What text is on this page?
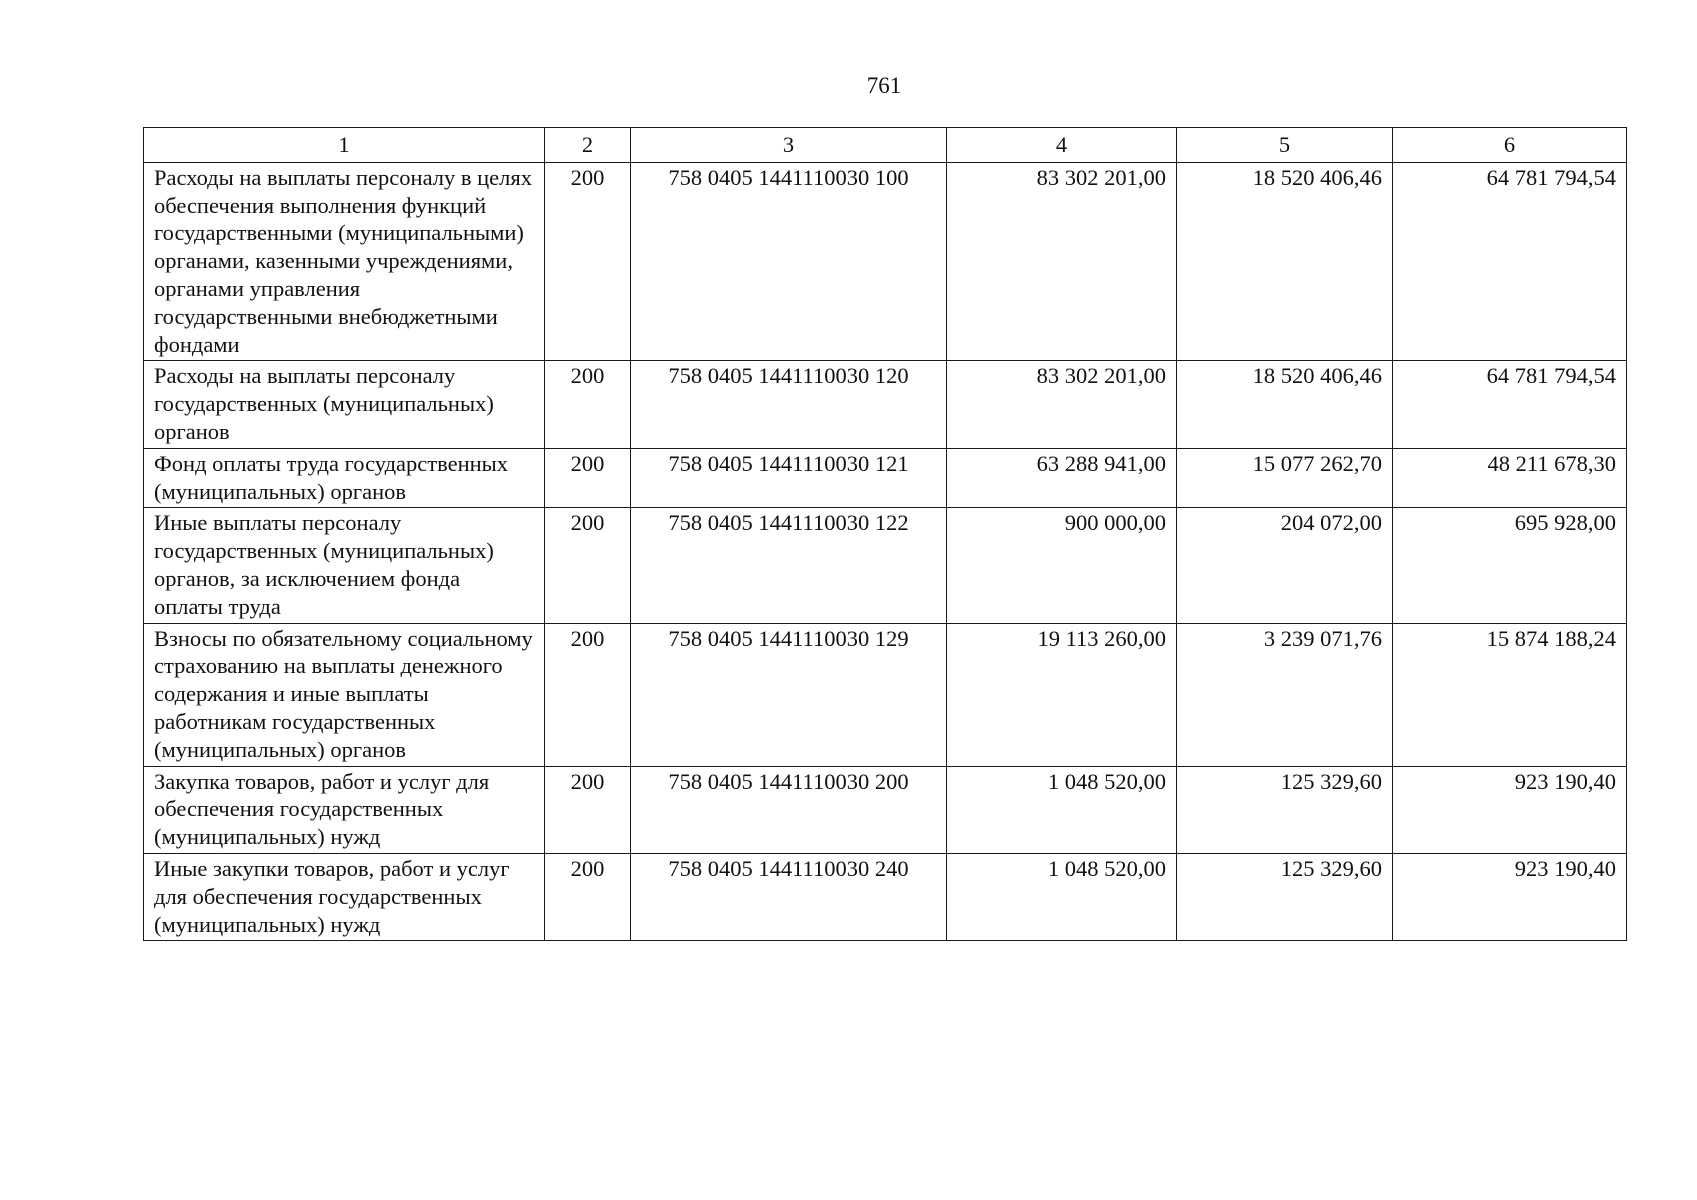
761
1	2	3	4	5	6
Расходы на выплаты персоналу в целях обеспечения выполнения функций государственными (муниципальными) органами, казенными учреждениями, органами управления государственными внебюджетными фондами	200	758 0405 1441110030 100	83 302 201,00	18 520 406,46	64 781 794,54
Расходы на выплаты персоналу государственных (муниципальных) органов	200	758 0405 1441110030 120	83 302 201,00	18 520 406,46	64 781 794,54
Фонд оплаты труда государственных (муниципальных) органов	200	758 0405 1441110030 121	63 288 941,00	15 077 262,70	48 211 678,30
Иные выплаты персоналу государственных (муниципальных) органов, за исключением фонда оплаты труда	200	758 0405 1441110030 122	900 000,00	204 072,00	695 928,00
Взносы по обязательному социальному страхованию на выплаты денежного содержания и иные выплаты работникам государственных (муниципальных) органов	200	758 0405 1441110030 129	19 113 260,00	3 239 071,76	15 874 188,24
Закупка товаров, работ и услуг для обеспечения государственных (муниципальных) нужд	200	758 0405 1441110030 200	1 048 520,00	125 329,60	923 190,40
Иные закупки товаров, работ и услуг для обеспечения государственных (муниципальных) нужд	200	758 0405 1441110030 240	1 048 520,00	125 329,60	923 190,40
